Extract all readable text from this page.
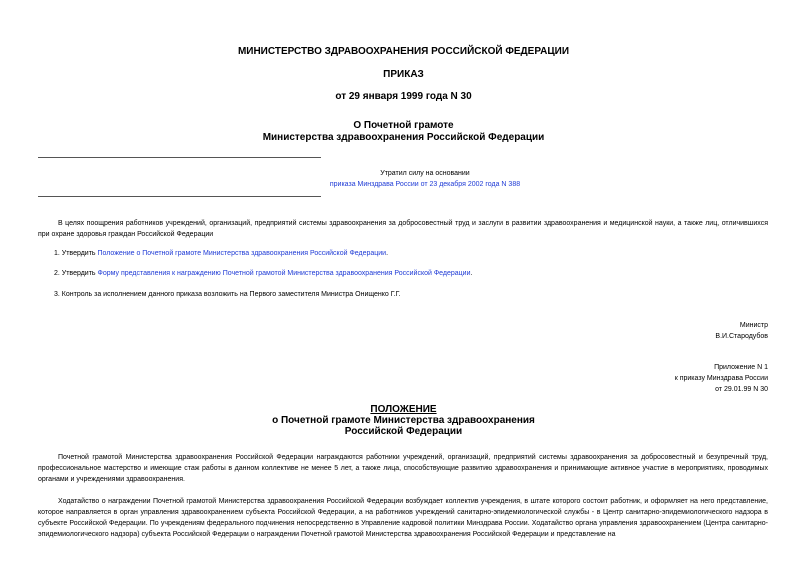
МИНИСТЕРСТВО ЗДРАВООХРАНЕНИЯ РОССИЙСКОЙ ФЕДЕРАЦИИ
ПРИКАЗ
от 29 января 1999 года N 30
О Почетной грамоте
Министерства здравоохранения Российской Федерации
Утратил силу на основании
приказа Минздрава России от 23 декабря 2002 года N 388
В целях поощрения работников учреждений, организаций, предприятий системы здравоохранения за добросовестный труд и заслуги в развитии здравоохранения и медицинской науки, а также лиц, отличившихся при охране здоровья граждан Российской Федерации
1. Утвердить Положение о Почетной грамоте Министерства здравоохранения Российской Федерации.
2. Утвердить Форму представления к награждению Почетной грамотой Министерства здравоохранения Российской Федерации.
3. Контроль за исполнением данного приказа возложить на Первого заместителя Министра Онищенко Г.Г.
Министр
В.И.Стародубов
Приложение N 1
к приказу Минздрава России
от 29.01.99 N 30
ПОЛОЖЕНИЕ
о Почетной грамоте Министерства здравоохранения
Российской Федерации
Почетной грамотой Министерства здравоохранения Российской Федерации награждаются работники учреждений, организаций, предприятий системы здравоохранения за добросовестный и безупречный труд, профессиональное мастерство и имеющие стаж работы в данном коллективе не менее 5 лет, а также лица, способствующие развитию здравоохранения и принимающие активное участие в мероприятиях, проводимых органами и учреждениями здравоохранения.
Ходатайство о награждении Почетной грамотой Министерства здравоохранения Российской Федерации возбуждает коллектив учреждения, в штате которого состоит работник, и оформляет на него представление, которое направляется в орган управления здравоохранением субъекта Российской Федерации, а на работников учреждений санитарно-эпидемиологической службы - в Центр санитарно-эпидемиологического надзора в субъекте Российской Федерации. По учреждениям федерального подчинения непосредственно в Управление кадровой политики Минздрава России. Ходатайство органа управления здравоохранением (Центра санитарно-эпидемиологического надзора) субъекта Российской Федерации о награждении Почетной грамотой Министерства здравоохранения Российской Федерации и представление на
